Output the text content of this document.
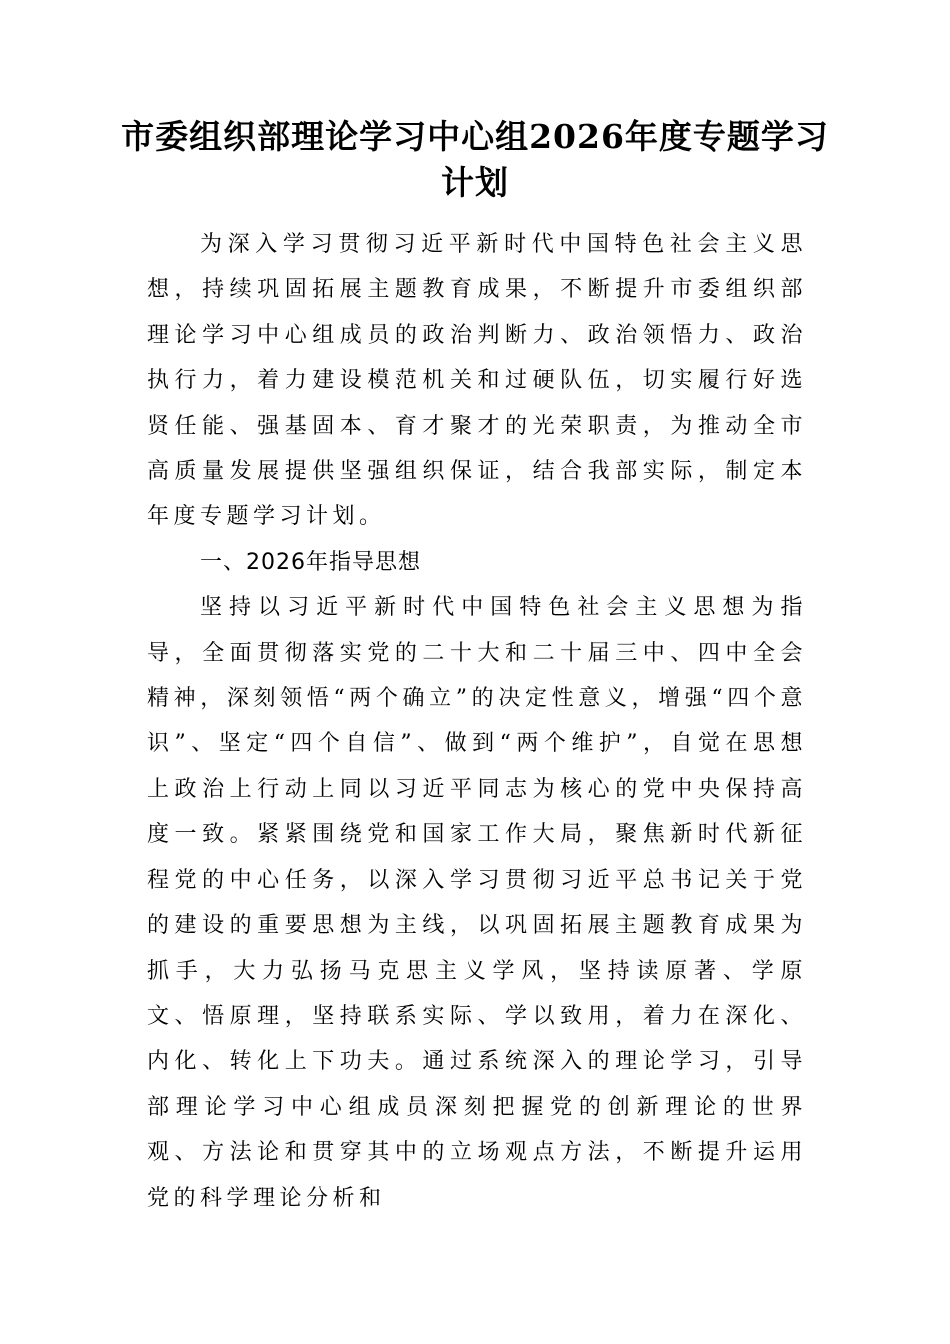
市委组织部理论学习中心组2026年度专题学习计划

为深入学习贯彻习近平新时代中国特色社会主义思想，持续巩固拓展主题教育成果，不断提升市委组织部理论学习中心组成员的政治判断力、政治领悟力、政治执行力，着力建设模范机关和过硬队伍，切实履行好选贤任能、强基固本、育才聚才的光荣职责，为推动全市高质量发展提供坚强组织保证，结合我部实际，制定本年度专题学习计划。

一、2026年指导思想

坚持以习近平新时代中国特色社会主义思想为指导，全面贯彻落实党的二十大和二十届三中、四中全会精神，深刻领悟“两个确立”的决定性意义，增强“四个意识”、坚定“四个自信”、做到“两个维护”，自觉在思想上政治上行动上同以习近平同志为核心的党中央保持高度一致。紧紧围绕党和国家工作大局，聚焦新时代新征程党的中心任务，以深入学习贯彻习近平总书记关于党的建设的重要思想为主线，以巩固拓展主题教育成果为抓手，大力弘扬马克思主义学风，坚持读原著、学原文、悟原理，坚持联系实际、学以致用，着力在深化、内化、转化上下功夫。通过系统深入的理论学习，引导部理论学习中心组成员深刻把握党的创新理论的世界观、方法论和贯穿其中的立场观点方法，不断提升运用党的科学理论分析和
